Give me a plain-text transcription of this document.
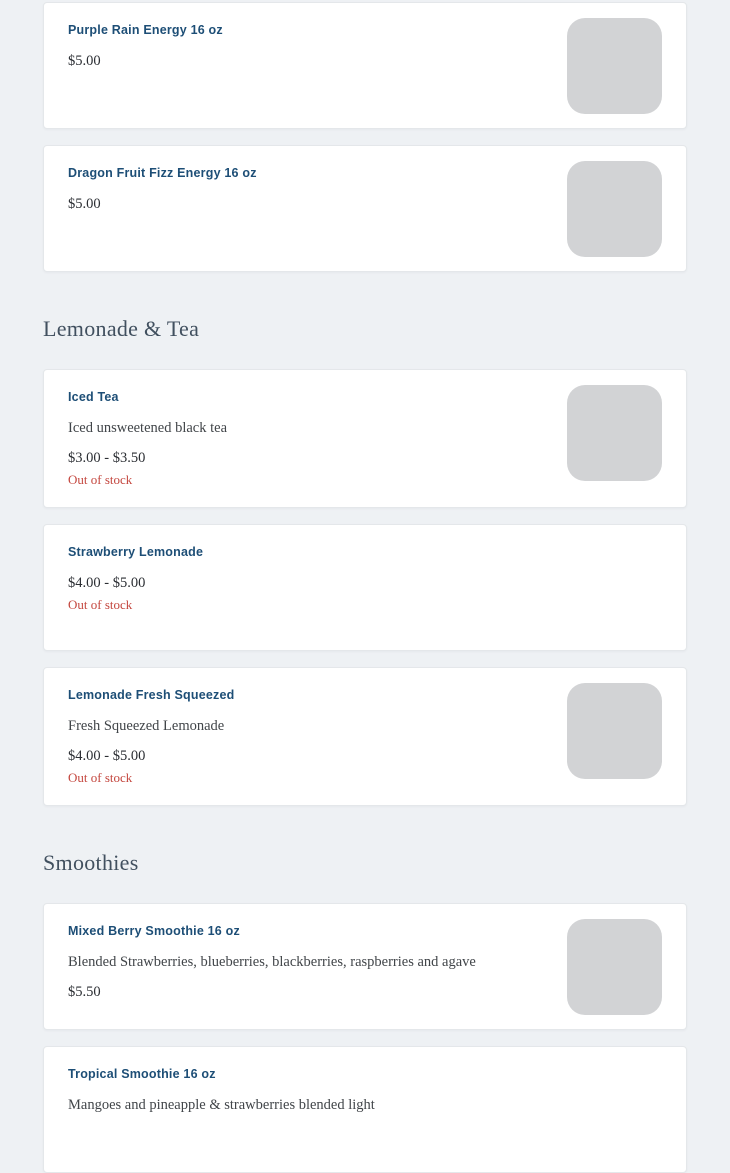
Purple Rain Energy 16 oz

$5.00

Dragon Fruit Fizz Energy 16 oz

$5.00

Lemonade & Tea
Iced Tea

Iced unsweetened black tea

$3.00 - $3.50

Out of stock

Strawberry Lemonade

$4.00 - $5.00

Out of stock

Lemonade Fresh Squeezed

Fresh Squeezed Lemonade

$4.00 - $5.00

Out of stock

Smoothies
Mixed Berry Smoothie 16 oz

Blended Strawberries, blueberries, blackberries, raspberries and agave

$5.50

Tropical Smoothie 16 oz

Mangoes and pineapple & strawberries blended light
